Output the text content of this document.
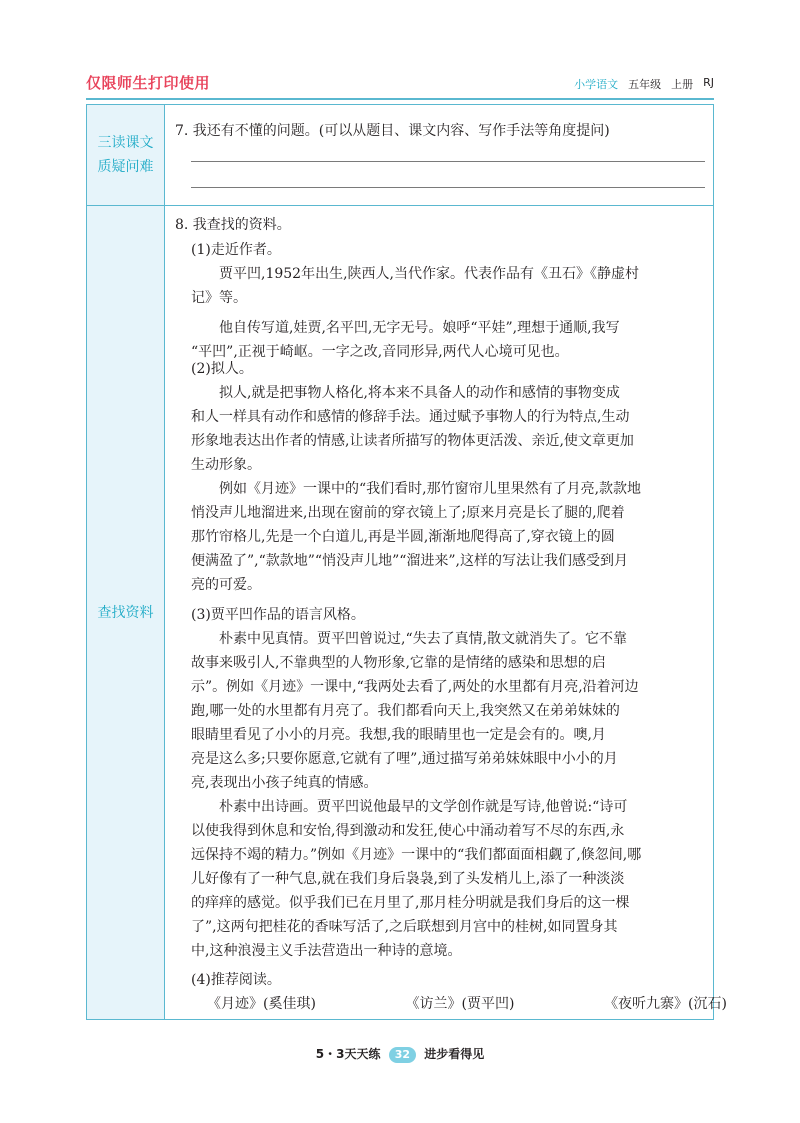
仅限师生打印使用	小学语文 五年级 上册 RJ
三读课文
质疑问难
7. 我还有不懂的问题。(可以从题目、课文内容、写作手法等角度提问)
查找资料
8. 我查找的资料。
(1)走近作者。
　　贾平凹,1952年出生,陕西人,当代作家。代表作品有《丑石》《静虚村
记》等。
　　他自传写道,娃贾,名平凹,无字无号。娘呼“平娃”,理想于通顺,我写
“平凹”,正视于崎岖。一字之改,音同形异,两代人心境可见也。
(2)拟人。
　　拟人,就是把事物人格化,将本来不具备人的动作和感情的事物变成
和人一样具有动作和感情的修辞手法。通过赋予事物人的行为特点,生动
形象地表达出作者的情感,让读者所描写的物体更活泼、亲近,使文章更加
生动形象。
　　例如《月迹》一课中的“我们看时,那竹窗帘儿里果然有了月亮,款款地
悄没声儿地溜进来,出现在窗前的穿衣镜上了;原来月亮是长了腿的,爬着
那竹帘格儿,先是一个白道儿,再是半圆,渐渐地爬得高了,穿衣镜上的圆
便满盈了”,“款款地”“悄没声儿地”“溜进来”,这样的写法让我们感受到月
亮的可爱。
(3)贾平凹作品的语言风格。
　　朴素中见真情。贾平凹曾说过,“失去了真情,散文就消失了。它不靠
故事来吸引人,不靠典型的人物形象,它靠的是情绪的感染和思想的启
示”。例如《月迹》一课中,“我两处去看了,两处的水里都有月亮,沿着河边
跑,哪一处的水里都有月亮了。我们都看向天上,我突然又在弟弟妹妹的
眼睛里看见了小小的月亮。我想,我的眼睛里也一定是会有的。噢,月
亮是这么多;只要你愿意,它就有了哩”,通过描写弟弟妹妹眼中小小的月
亮,表现出小孩子纯真的情感。
　　朴素中出诗画。贾平凹说他最早的文学创作就是写诗,他曾说:“诗可
以使我得到休息和安怡,得到激动和发狂,使心中涌动着写不尽的东西,永
远保持不竭的精力。”例如《月迹》一课中的“我们都面面相觑了,倏忽间,哪
儿好像有了一种气息,就在我们身后袅袅,到了头发梢儿上,添了一种淡淡
的痒痒的感觉。似乎我们已在月里了,那月桂分明就是我们身后的这一棵
了”,这两句把桂花的香味写活了,之后联想到月宫中的桂树,如同置身其
中,这种浪漫主义手法营造出一种诗的意境。
(4)推荐阅读。
《月迹》(奚佳琪)	《访兰》(贾平凹)	《夜听九寨》(沉石)
5・3天天练 32 进步看得见
